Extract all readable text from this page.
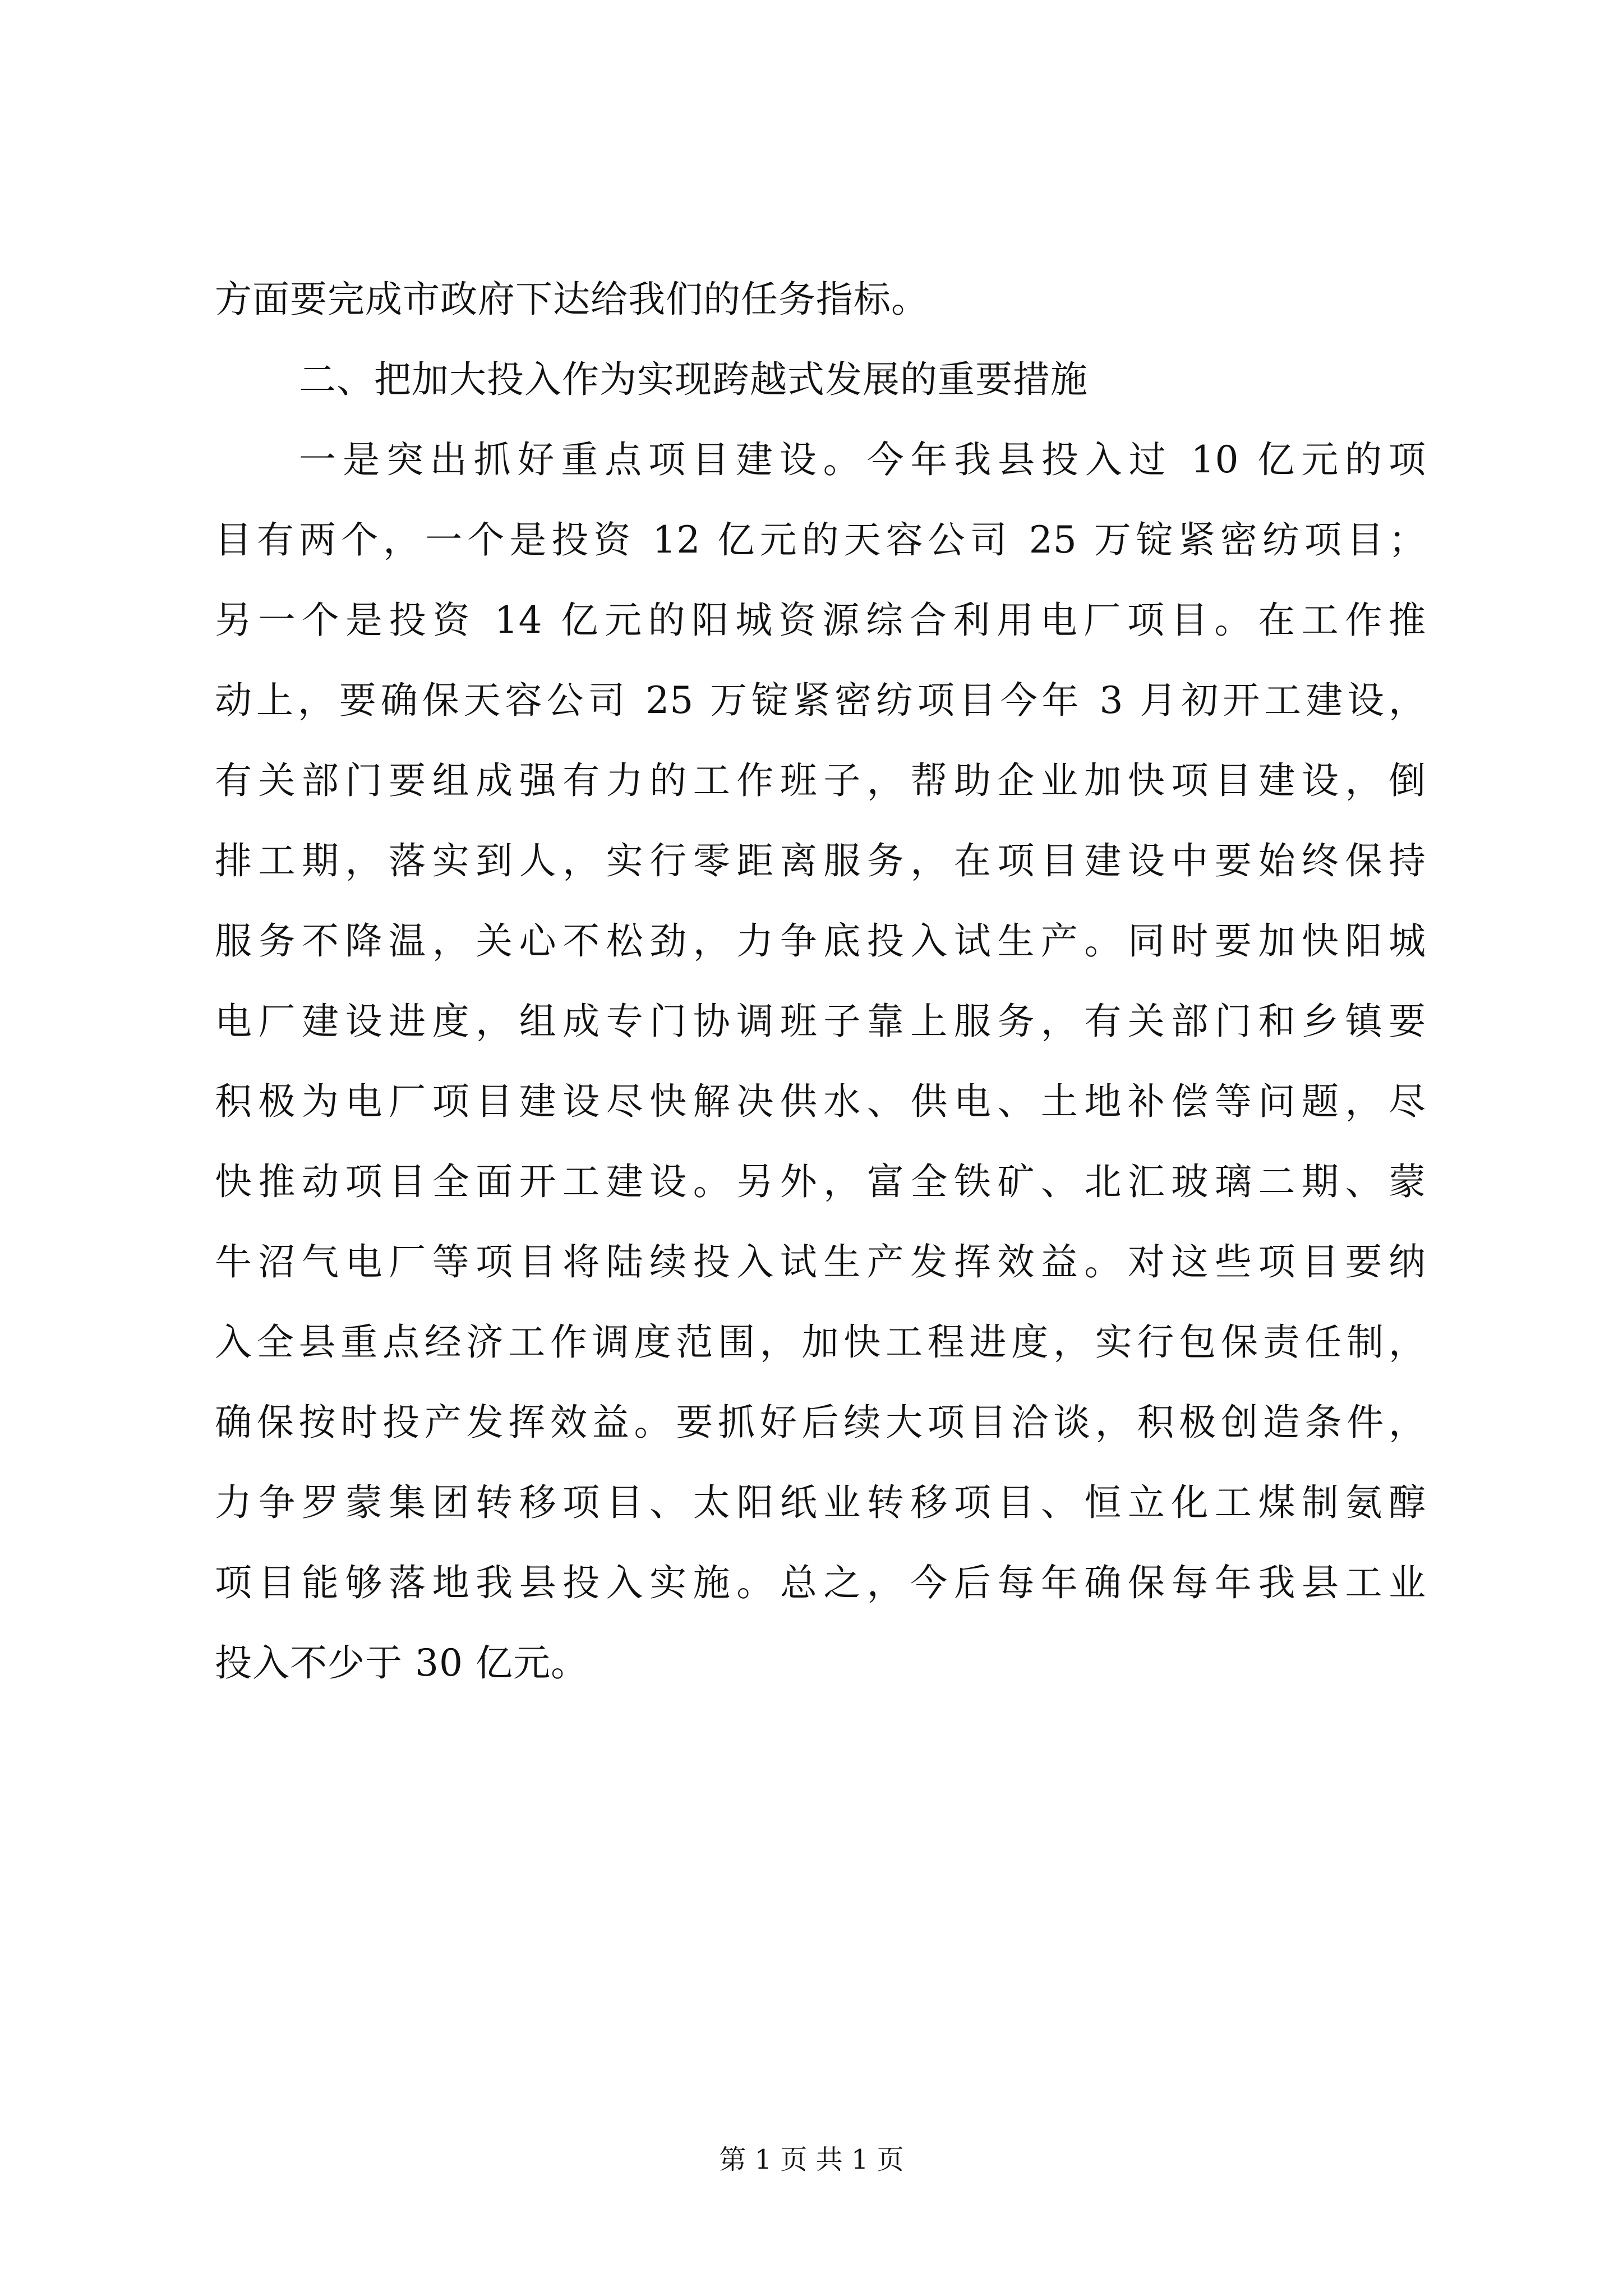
方面要完成市政府下达给我们的任务指标。
二、把加大投入作为实现跨越式发展的重要措施
一是突出抓好重点项目建设。今年我县投入过 10 亿元的项
目有两个，一个是投资 12 亿元的天容公司 25 万锭紧密纺项目；
另一个是投资 14 亿元的阳城资源综合利用电厂项目。在工作推
动上，要确保天容公司 25 万锭紧密纺项目今年 3 月初开工建设，
有关部门要组成强有力的工作班子，帮助企业加快项目建设，倒
排工期，落实到人，实行零距离服务，在项目建设中要始终保持
服务不降温，关心不松劲，力争底投入试生产。同时要加快阳城
电厂建设进度，组成专门协调班子靠上服务，有关部门和乡镇要
积极为电厂项目建设尽快解决供水、供电、土地补偿等问题，尽
快推动项目全面开工建设。另外，富全铁矿、北汇玻璃二期、蒙
牛沼气电厂等项目将陆续投入试生产发挥效益。对这些项目要纳
入全县重点经济工作调度范围，加快工程进度，实行包保责任制，
确保按时投产发挥效益。要抓好后续大项目洽谈，积极创造条件，
力争罗蒙集团转移项目、太阳纸业转移项目、恒立化工煤制氨醇
项目能够落地我县投入实施。总之，今后每年确保每年我县工业
投入不少于 30 亿元。
第 1 页 共 1 页
